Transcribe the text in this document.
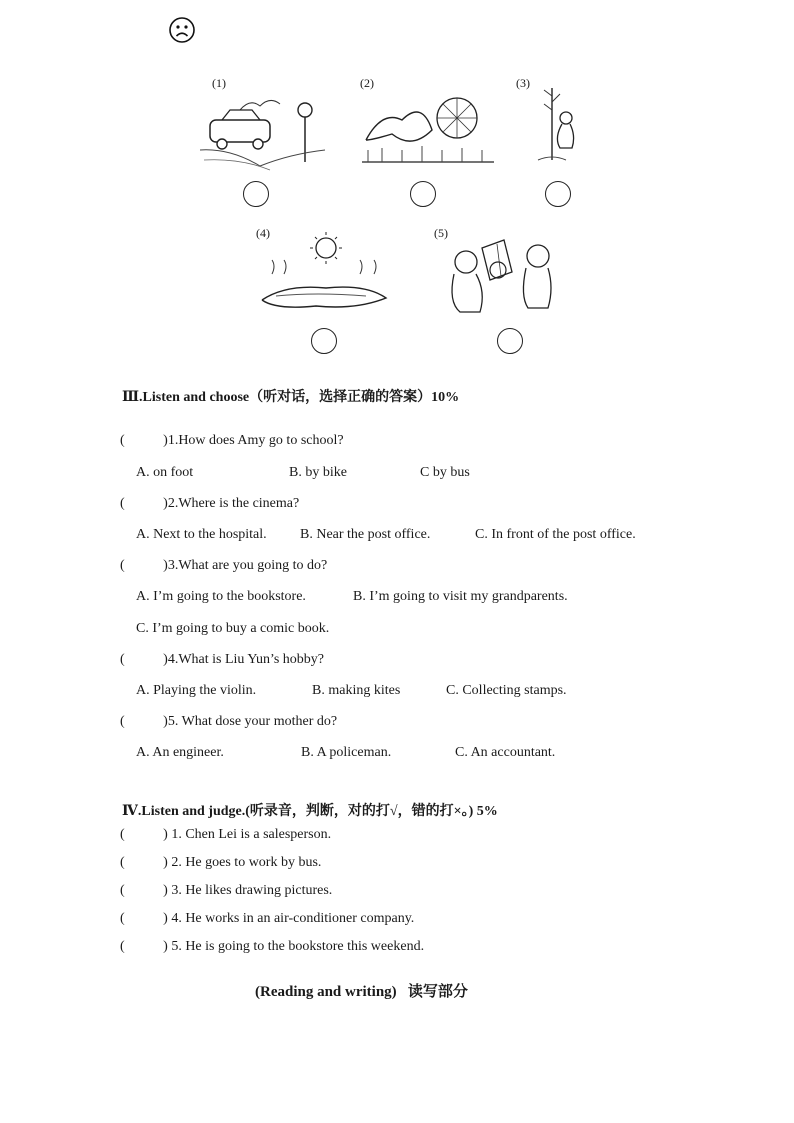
(1)	(2)	(3)
(4)	(5)
Ⅲ.Listen and choose（听对话，选择正确的答案）10%
(           )1.How does Amy go to school?
A. on foot	B. by bike	C by bus
(           )2.Where is the cinema?
A. Next to the hospital. B. Near the post office.	C. In front of the post office.
(           )3.What are you going to do?
A. I’m going to the bookstore.	B. I’m going to visit my grandparents.
C. I’m going to buy a comic book.
(           )4.What is Liu Yun’s hobby?
A. Playing the violin.	B. making kites	C. Collecting stamps.
(           )5. What dose your mother do?
A. An engineer.	B. A policeman.	C. An accountant.
Ⅳ.Listen and judge.(听录音，判断，对的打√，错的打×。) 5%
(           ) 1. Chen Lei is a salesperson.
(           ) 2. He goes to work by bus.
(           ) 3. He likes drawing pictures.
(           ) 4. He works in an air-conditioner company.
(           ) 5. He is going to the bookstore this weekend.
(Reading and writing)   读写部分
